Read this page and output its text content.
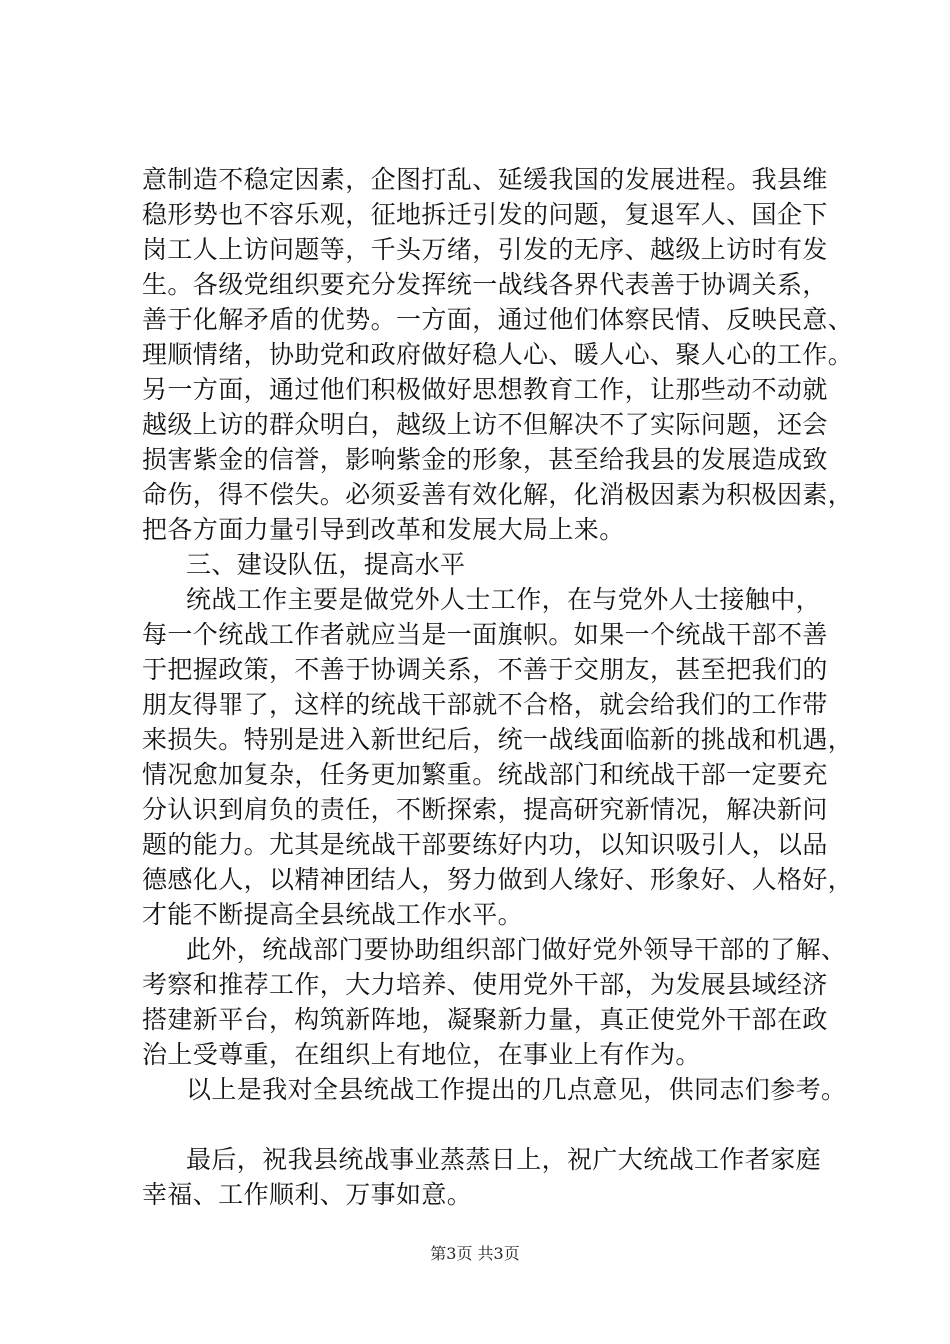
意制造不稳定因素，企图打乱、延缓我国的发展进程。我县维
稳形势也不容乐观，征地拆迁引发的问题，复退军人、国企下
岗工人上访问题等，千头万绪，引发的无序、越级上访时有发
生。各级党组织要充分发挥统一战线各界代表善于协调关系，
善于化解矛盾的优势。一方面，通过他们体察民情、反映民意、
理顺情绪，协助党和政府做好稳人心、暖人心、聚人心的工作。
另一方面，通过他们积极做好思想教育工作，让那些动不动就
越级上访的群众明白，越级上访不但解决不了实际问题，还会
损害紫金的信誉，影响紫金的形象，甚至给我县的发展造成致
命伤，得不偿失。必须妥善有效化解，化消极因素为积极因素，
把各方面力量引导到改革和发展大局上来。
三、建设队伍，提高水平
统战工作主要是做党外人士工作，在与党外人士接触中，
每一个统战工作者就应当是一面旗帜。如果一个统战干部不善
于把握政策，不善于协调关系，不善于交朋友，甚至把我们的
朋友得罪了，这样的统战干部就不合格，就会给我们的工作带
来损失。特别是进入新世纪后，统一战线面临新的挑战和机遇，
情况愈加复杂，任务更加繁重。统战部门和统战干部一定要充
分认识到肩负的责任，不断探索，提高研究新情况，解决新问
题的能力。尤其是统战干部要练好内功，以知识吸引人，以品
德感化人，以精神团结人，努力做到人缘好、形象好、人格好，
才能不断提高全县统战工作水平。
此外，统战部门要协助组织部门做好党外领导干部的了解、
考察和推荐工作，大力培养、使用党外干部，为发展县域经济
搭建新平台，构筑新阵地，凝聚新力量，真正使党外干部在政
治上受尊重，在组织上有地位，在事业上有作为。
以上是我对全县统战工作提出的几点意见，供同志们参考。
最后，祝我县统战事业蒸蒸日上，祝广大统战工作者家庭
幸福、工作顺利、万事如意。
第3页 共3页
